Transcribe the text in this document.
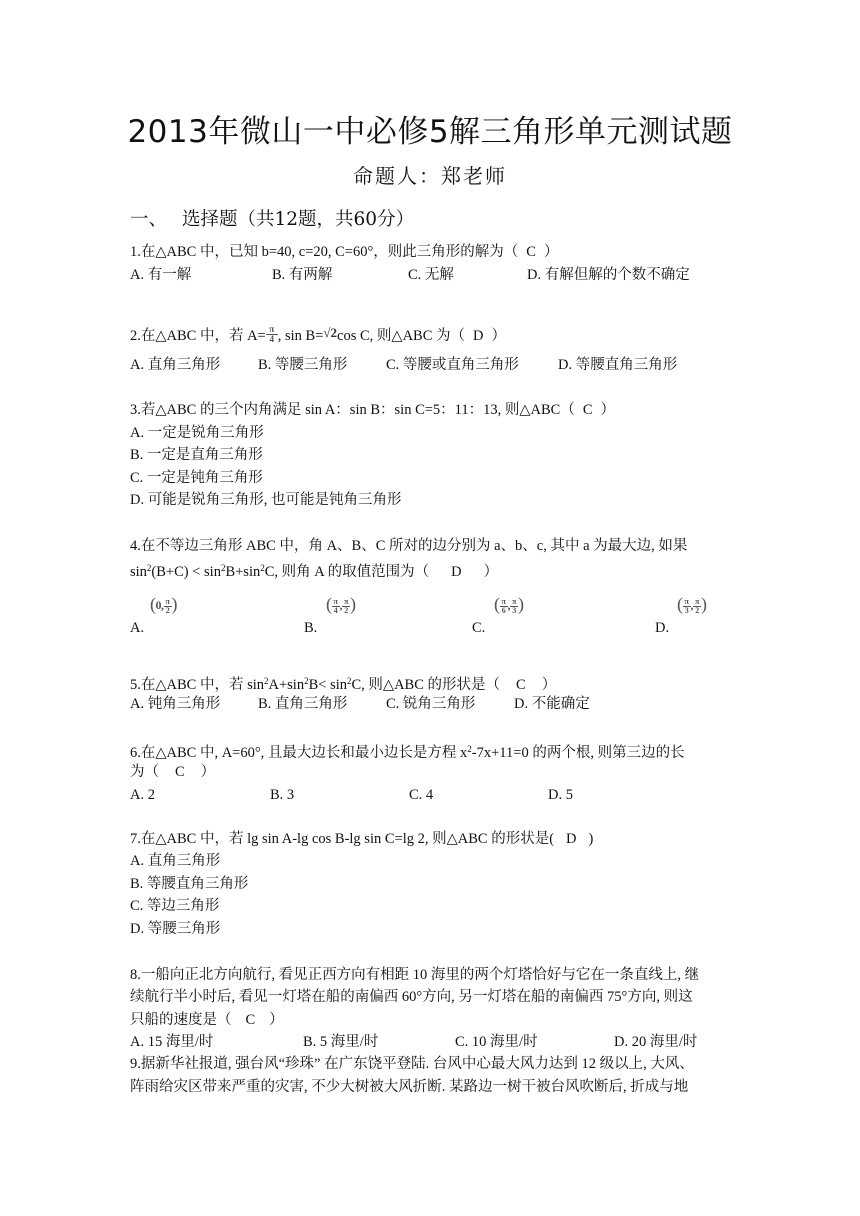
2013年微山一中必修5解三角形单元测试题
命题人：郑老师
一、 选择题（共12题，共60分）
1.在△ABC 中，已知 b=40, c=20, C=60°，则此三角形的解为（ C ）
A. 有一解	B. 有两解	C. 无解	D. 有解但解的个数不确定
2.在△ABC 中，若 $A= \frac{\pi}{4}$ , sin B=√2cos C, 则△ABC 为（ D ）
A. 直角三角形	B. 等腰三角形	C. 等腰或直角三角形	D. 等腰直角三角形
3.若△ABC 的三个内角满足 sin A：sin B：sin C=5：11：13, 则△ABC（ C ）
A. 一定是锐角三角形
B. 一定是直角三角形
C. 一定是钝角三角形
D. 可能是锐角三角形, 也可能是钝角三角形
4.在不等边三角形 ABC 中，角 A、B、C 所对的边分别为 a、b、c, 其中 a 为最大边, 如果
$\sin^2(B+C) < \sin^2B+\sin^2C$, 则角 A 的取值范围为（ D ）
$(0,\frac{\pi}{2})$	$(\frac{\pi}{4},\frac{\pi}{2})$	$(\frac{\pi}{6},\frac{\pi}{3})$	$(\frac{\pi}{3},\frac{\pi}{2})$
A.	B.	C.	D.
5.在△ABC 中，若 $\sin^2A+\sin^2B< \sin^2C$, 则△ABC 的形状是（ C ）
A. 钝角三角形	B. 直角三角形	C. 锐角三角形	D. 不能确定
6.在△ABC 中, A=60°, 且最大边长和最小边长是方程 $x^2-7x+11=0$ 的两个根, 则第三边的长
为（ C ）
A. 2	B. 3	C. 4	D. 5
7.在△ABC 中，若 lg sin A-lg cos B-lg sin C=lg 2, 则△ABC 的形状是( D )
A. 直角三角形
B. 等腰直角三角形
C. 等边三角形
D. 等腰三角形
8.一船向正北方向航行, 看见正西方向有相距 10 海里的两个灯塔恰好与它在一条直线上, 继
续航行半小时后, 看见一灯塔在船的南偏西 60°方向, 另一灯塔在船的南偏西 75°方向, 则这
只船的速度是（ C ）
A. 15 海里/时	B. 5 海里/时	C. 10 海里/时	D. 20 海里/时
9.据新华社报道, 强台风“珍珠” 在广东饶平登陆. 台风中心最大风力达到 12 级以上, 大风、
阵雨给灾区带来严重的灾害, 不少大树被大风折断. 某路边一树干被台风吹断后, 折成与地
